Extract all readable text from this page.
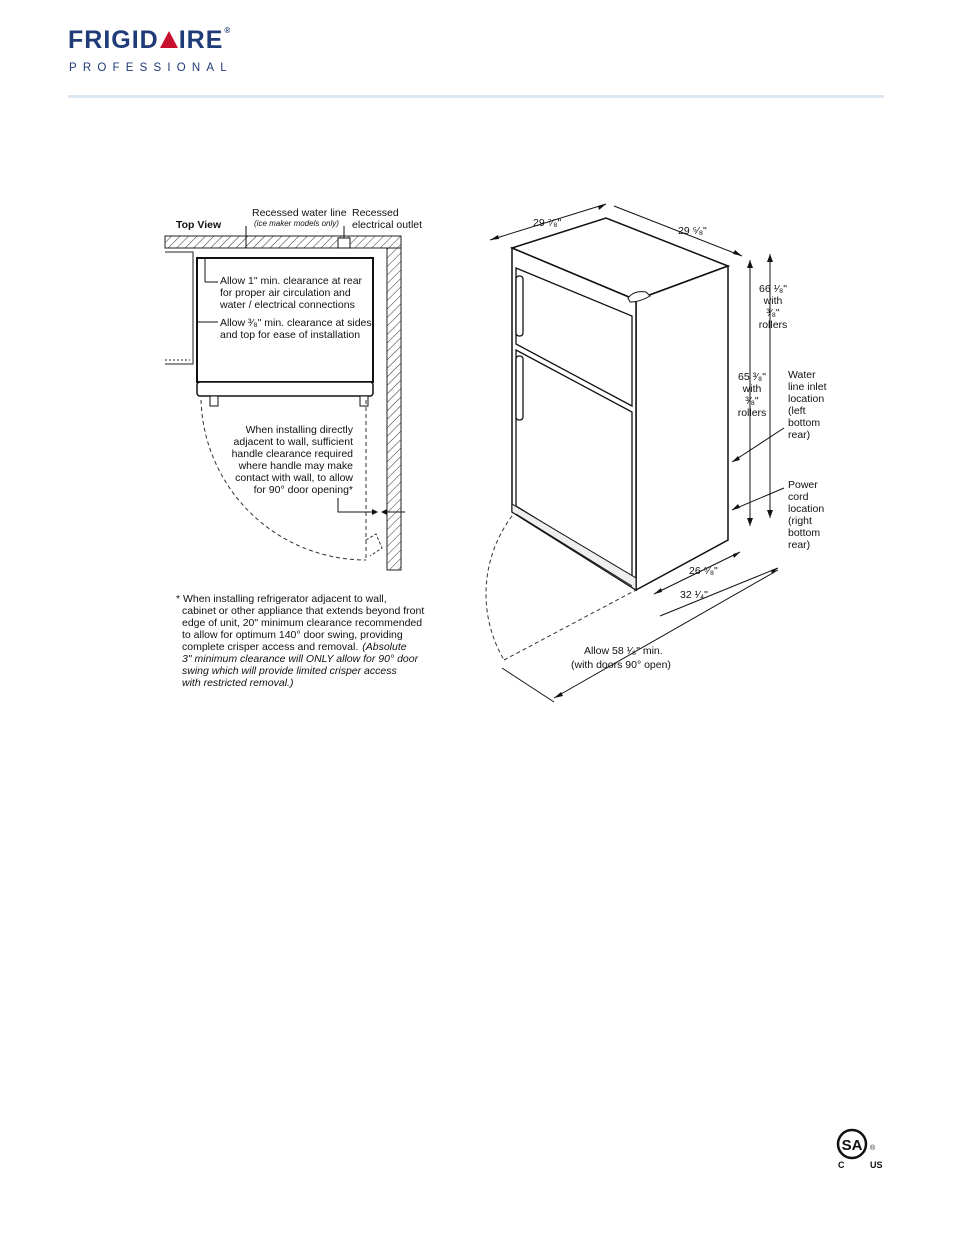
FRIGID IRE®
PROFESSIONAL
Top View
Recessed water line
(ice maker models only)
Recessed
electrical outlet
Allow 1" min. clearance at rear
for proper air circulation and
water / electrical connections
Allow ³⁄₈" min. clearance at sides
and top for ease of installation
When installing directly
adjacent to wall, sufficient
handle clearance required
where handle may make
contact with wall, to allow
for 90° door opening*
* When installing refrigerator adjacent to wall,
cabinet or other appliance that extends beyond front
edge of unit, 20" minimum clearance recommended
to allow for optimum 140° door swing, providing
complete crisper access and removal. (Absolute
3" minimum clearance will ONLY allow for 90° door
swing which will provide limited crisper access
with restricted removal.)
29 ⁷⁄₈"
29 ⁵⁄₈"
66 ¹⁄₈"
with
³⁄₈"
rollers
65 ³⁄₈"
with
³⁄₈"
rollers
Water
line inlet
location
(left
bottom
rear)
Power
cord
location
(right
bottom
rear)
26 ⁵⁄₈"
32 ¹⁄₄"
Allow 58 ¹⁄₈" min.
(with doors 90° open)
SA ®
C	US
